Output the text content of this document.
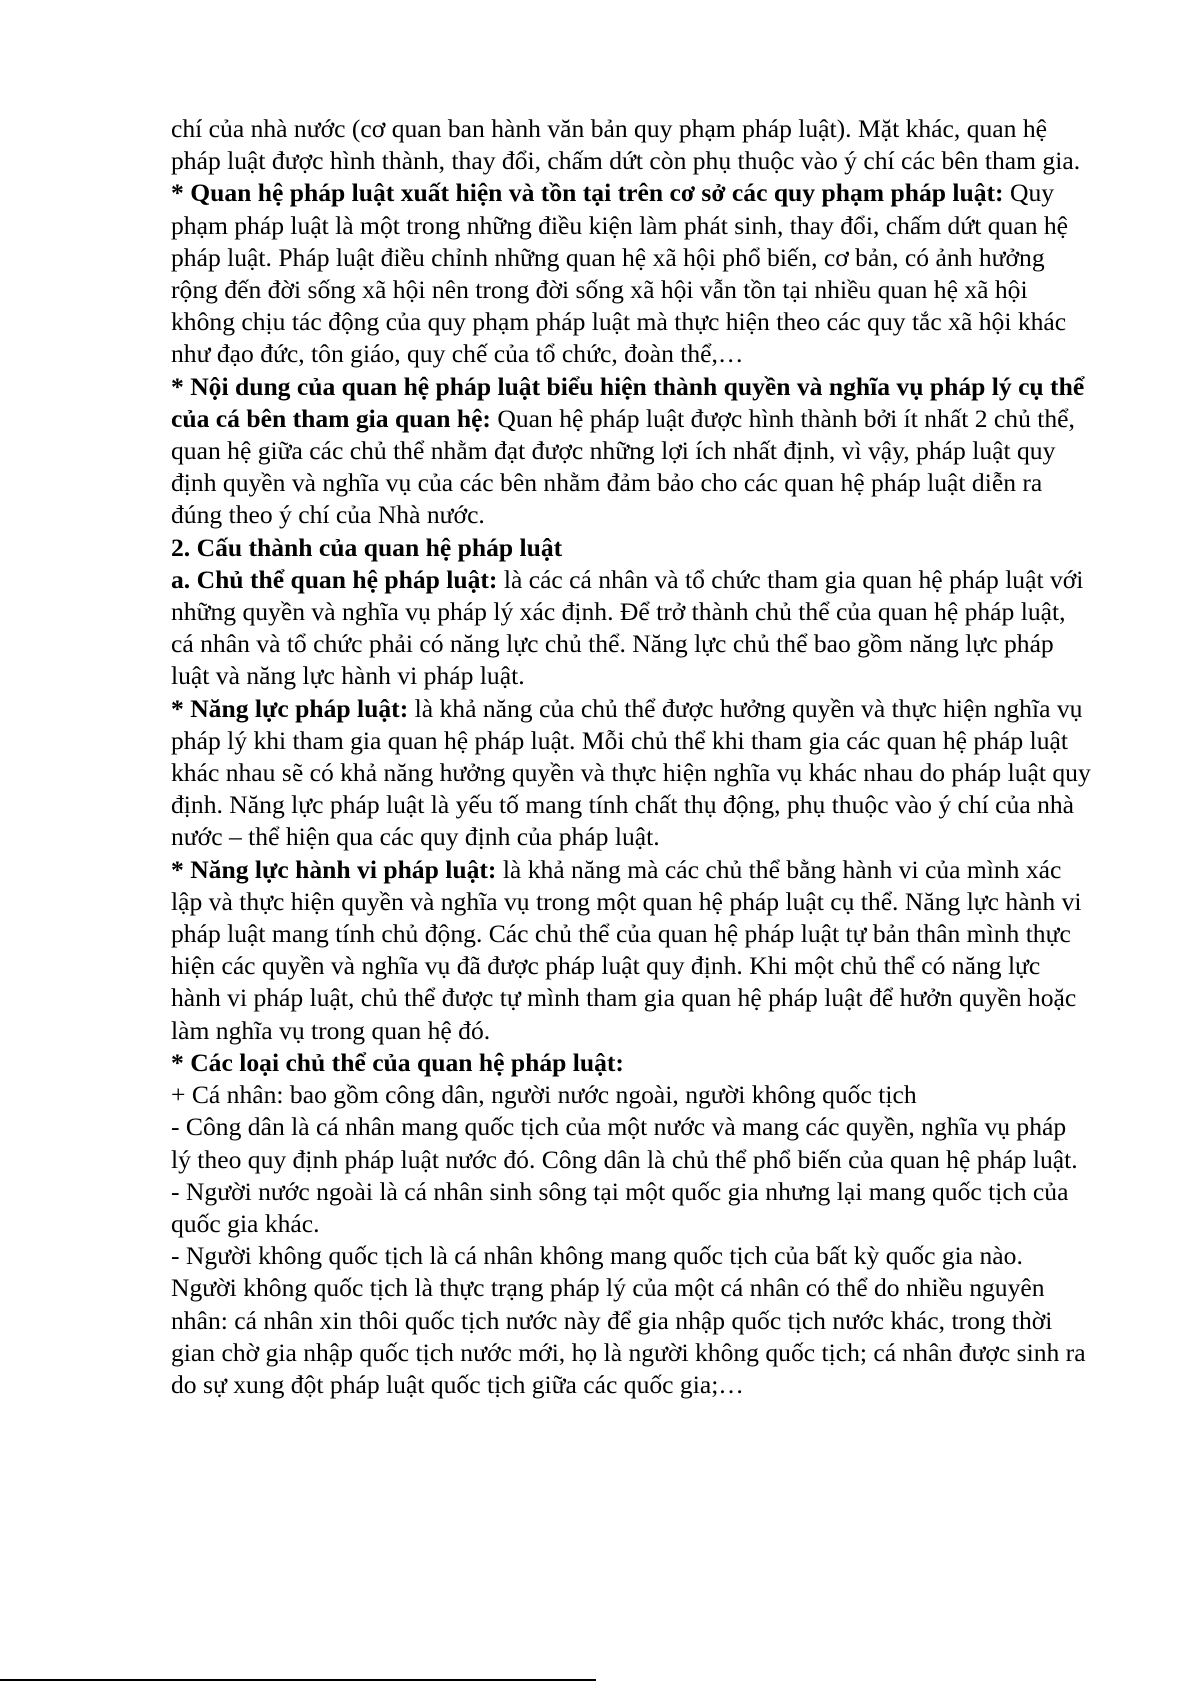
chí của nhà nước (cơ quan ban hành văn bản quy phạm pháp luật). Mặt khác, quan hệ pháp luật được hình thành, thay đổi, chấm dứt còn phụ thuộc vào ý chí các bên tham gia.

* Quan hệ pháp luật xuất hiện và tồn tại trên cơ sở các quy phạm pháp luật: Quy phạm pháp luật là một trong những điều kiện làm phát sinh, thay đổi, chấm dứt quan hệ pháp luật. Pháp luật điều chỉnh những quan hệ xã hội phổ biến, cơ bản, có ảnh hưởng rộng đến đời sống xã hội nên trong đời sống xã hội vẫn tồn tại nhiều quan hệ xã hội không chịu tác động của quy phạm pháp luật mà thực hiện theo các quy tắc xã hội khác như đạo đức, tôn giáo, quy chế của tổ chức, đoàn thể,…

* Nội dung của quan hệ pháp luật biểu hiện thành quyền và nghĩa vụ pháp lý cụ thể của cá bên tham gia quan hệ: Quan hệ pháp luật được hình thành bởi ít nhất 2 chủ thể, quan hệ giữa các chủ thể nhằm đạt được những lợi ích nhất định, vì vậy, pháp luật quy định quyền và nghĩa vụ của các bên nhằm đảm bảo cho các quan hệ pháp luật diễn ra đúng theo ý chí của Nhà nước.

2. Cấu thành của quan hệ pháp luật

a. Chủ thể quan hệ pháp luật: là các cá nhân và tổ chức tham gia quan hệ pháp luật với những quyền và nghĩa vụ pháp lý xác định. Để trở thành chủ thể của quan hệ pháp luật, cá nhân và tổ chức phải có năng lực chủ thể. Năng lực chủ thể bao gồm năng lực pháp luật và năng lực hành vi pháp luật.

* Năng lực pháp luật: là khả năng của chủ thể được hưởng quyền và thực hiện nghĩa vụ pháp lý khi tham gia quan hệ pháp luật. Mỗi chủ thể khi tham gia các quan hệ pháp luật khác nhau sẽ có khả năng hưởng quyền và thực hiện nghĩa vụ khác nhau do pháp luật quy định. Năng lực pháp luật là yếu tố mang tính chất thụ động, phụ thuộc vào ý chí của nhà nước – thể hiện qua các quy định của pháp luật.

* Năng lực hành vi pháp luật: là khả năng mà các chủ thể bằng hành vi của mình xác lập và thực hiện quyền và nghĩa vụ trong một quan hệ pháp luật cụ thể. Năng lực hành vi pháp luật mang tính chủ động. Các chủ thể của quan hệ pháp luật tự bản thân mình thực hiện các quyền và nghĩa vụ đã được pháp luật quy định. Khi một chủ thể có năng lực hành vi pháp luật, chủ thể được tự mình tham gia quan hệ pháp luật để hưởn quyền hoặc làm nghĩa vụ trong quan hệ đó.

* Các loại chủ thể của quan hệ pháp luật:

+ Cá nhân: bao gồm công dân, người nước ngoài, người không quốc tịch

- Công dân là cá nhân mang quốc tịch của một nước và mang các quyền, nghĩa vụ pháp lý theo quy định pháp luật nước đó. Công dân là chủ thể phổ biến của quan hệ pháp luật.

- Người nước ngoài là cá nhân sinh sông tại một quốc gia nhưng lại mang quốc tịch của quốc gia khác.

- Người không quốc tịch là cá nhân không mang quốc tịch của bất kỳ quốc gia nào. Người không quốc tịch là thực trạng pháp lý của một cá nhân có thể do nhiều nguyên nhân: cá nhân xin thôi quốc tịch nước này để gia nhập quốc tịch nước khác, trong thời gian chờ gia nhập quốc tịch nước mới, họ là người không quốc tịch; cá nhân được sinh ra do sự xung đột pháp luật quốc tịch giữa các quốc gia;…
